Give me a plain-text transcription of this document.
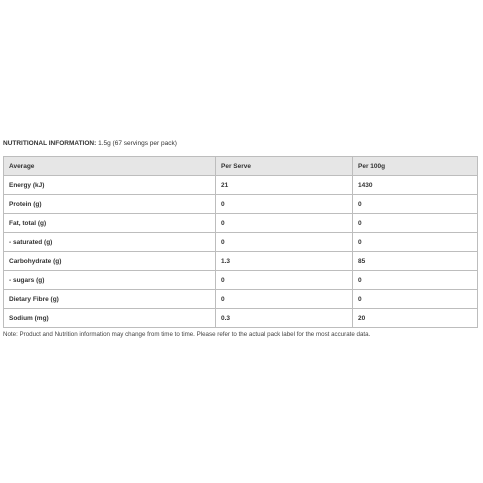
NUTRITIONAL INFORMATION: 1.5g (67 servings per pack)
Average	Per Serve	Per 100g
Energy (kJ)	21	1430
Protein (g)	0	0
Fat, total (g)	0	0
- saturated (g)	0	0
Carbohydrate (g)	1.3	85
- sugars (g)	0	0
Dietary Fibre (g)	0	0
Sodium (mg)	0.3	20
Note: Product and Nutrition information may change from time to time. Please refer to the actual pack label for the most accurate data.
